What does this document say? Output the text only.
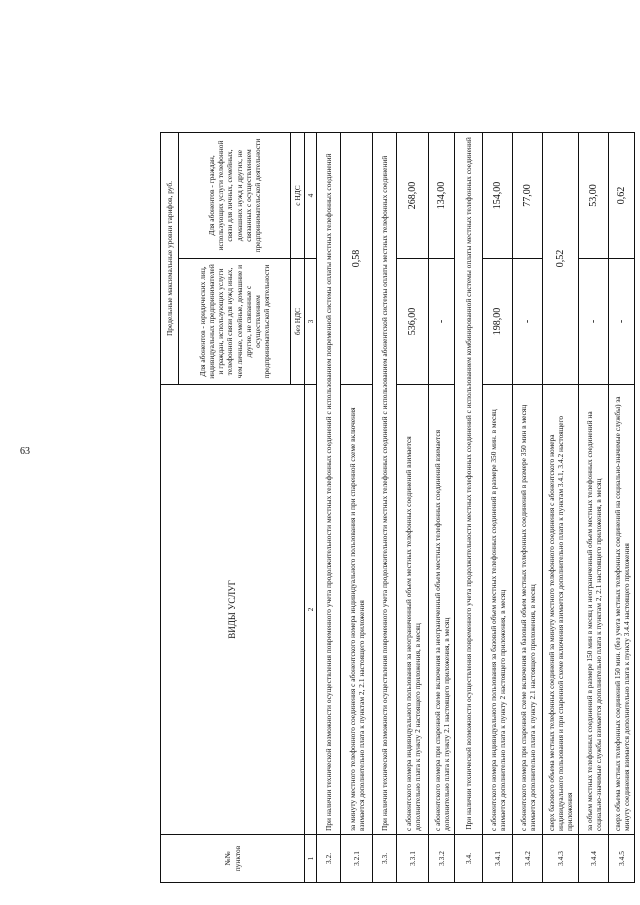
63
№№ пунктов	ВИДЫ УСЛУГ	Предельные максимальные уровни тарифов, руб.	
		Для абонентов - юридических лиц, индивидуальных предпринимателей и граждан, использующих услуги телефонной связи для нужд иных, чем личные, семейные, домашние и другие, не связанные с осуществлением предпринимательской деятельности	Для абонентов - граждан, использующих услуги телефонной связи для личных, семейных, домашних нужд и других, не связанных с осуществлением предпринимательской деятельности
		без НДС	с НДС
1	2	3	4
3.2.	При наличии технической возможности осуществления повременного учета продолжительности местных телефонных соединений с использованием повременной системы оплаты местных телефонных соединений		
3.2.1	за минуту местного телефонного соединения с абонентского номера индивидуального пользования и при спаренной схеме включения взимается дополнительно плата к пунктам 2, 2.1 настоящего приложения	0,58	
3.3.	При наличии технической возможности осуществления повременного учета продолжительности местных телефонных соединений с использованием абонентской системы оплаты местных телефонных соединений		
3.3.1	с абонентского номера индивидуального пользования за неограниченный объем местных телефонных соединений взимается дополнительно плата к пункту 2 настоящего приложения, в месяц	536,00	268,00
3.3.2	с абонентского номера при спаренной схеме включения за неограниченный объем местных телефонных соединений взимается дополнительно плата к пункту 2.1 настоящего приложения, в месяц	-	134,00
3.4.	При наличии технической возможности осуществления повременного учета продолжительности местных телефонных соединений с использованием комбинированной системы оплаты местных телефонных соединений		
3.4.1	с абонентского номера индивидуального пользования за базовый объем местных телефонных соединений в размере 350 мин. в месяц взимается дополнительно плата к пункту 2 настоящего приложения, в месяц	198,00	154,00
3.4.2	с абонентского номера при спаренной схеме включения за базовый объем местных телефонных соединений в размере 350 мин в месяц взимается дополнительно плата к пункту 2.1 настоящего приложения, в месяц	-	77,00
3.4.3	сверх базового объема местных телефонных соединений за минуту местного телефонного соединения с абонентского номера индивидуального пользования и при спаренной схеме включения взимается дополнительно плата к пунктам 3.4.1, 3.4.2 настоящего приложения	0,52	
3.4.4	за объем местных телефонных соединений в размере 150 мин в месяц и неограниченный объем местных телефонных соединений на социально-значимые службы взимается дополнительно плата к пунктам 2, 2.1 настоящего приложения, в месяц	-	53,00
3.4.5	сверх объема местных телефонных соединений 150 мин. (без учета местных телефонных соединений на социально-значимые службы) за минуту соединения взимается дополнительно плата к пункту 3.4.4 настоящего приложения	-	0,62
